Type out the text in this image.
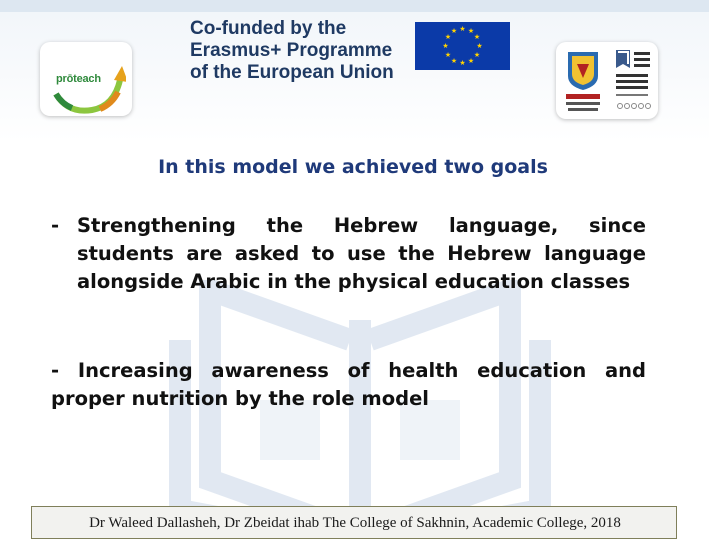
prōteach
Co-funded by the
Erasmus+ Programme
of the European Union
★ ★
★
★
★
★
★
★
★
★
★
★
In this model we achieved two goals
- Strengthening the Hebrew language, since students are asked to use the Hebrew language alongside Arabic in the physical education classes
- Increasing awareness of health education and proper nutrition by the role model
Dr Waleed Dallasheh, Dr Zbeidat ihab The College of Sakhnin, Academic College, 2018
